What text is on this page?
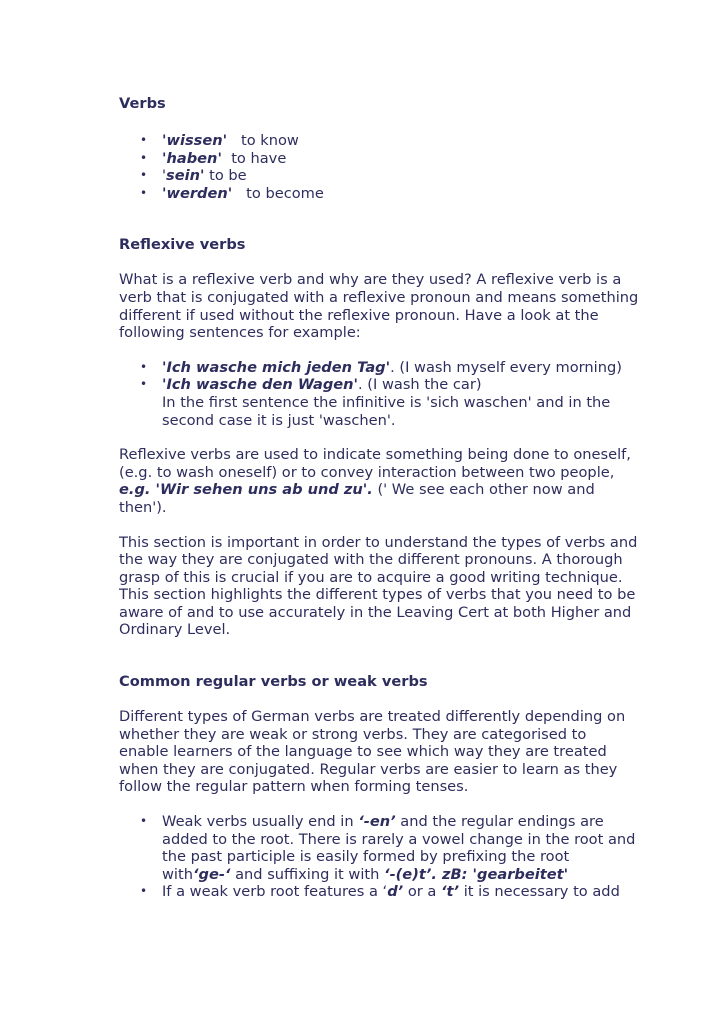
Verbs
• 'wissen'   to know
• 'haben'  to have
• 'sein' to be
• 'werden'   to become
Reflexive verbs

What is a reflexive verb and why are they used? A reflexive verb is a verb that is conjugated with a reflexive pronoun and means something different if used without the reflexive pronoun. Have a look at the following sentences for example:

• 'Ich wasche mich jeden Tag'. (I wash myself every morning)
• 'Ich wasche den Wagen'. (I wash the car)
In the first sentence the infinitive is 'sich waschen' and in the second case it is just 'waschen'.

Reflexive verbs are used to indicate something being done to oneself, (e.g. to wash oneself) or to convey interaction between two people, e.g. 'Wir sehen uns ab und zu'. (' We see each other now and then').

This section is important in order to understand the types of verbs and the way they are conjugated with the different pronouns. A thorough grasp of this is crucial if you are to acquire a good writing technique. This section highlights the different types of verbs that you need to be aware of and to use accurately in the Leaving Cert at both Higher and Ordinary Level.

Common regular verbs or weak verbs

Different types of German verbs are treated differently depending on whether they are weak or strong verbs. They are categorised to enable learners of the language to see which way they are treated when they are conjugated. Regular verbs are easier to learn as they follow the regular pattern when forming tenses.

• Weak verbs usually end in ‘-en’ and the regular endings are added to the root. There is rarely a vowel change in the root and the past participle is easily formed by prefixing the root with‘ge-‘ and suffixing it with ‘-(e)t’. zB: 'gearbeitet'
• If a weak verb root features a ‘d’ or a ‘t’ it is necessary to add
